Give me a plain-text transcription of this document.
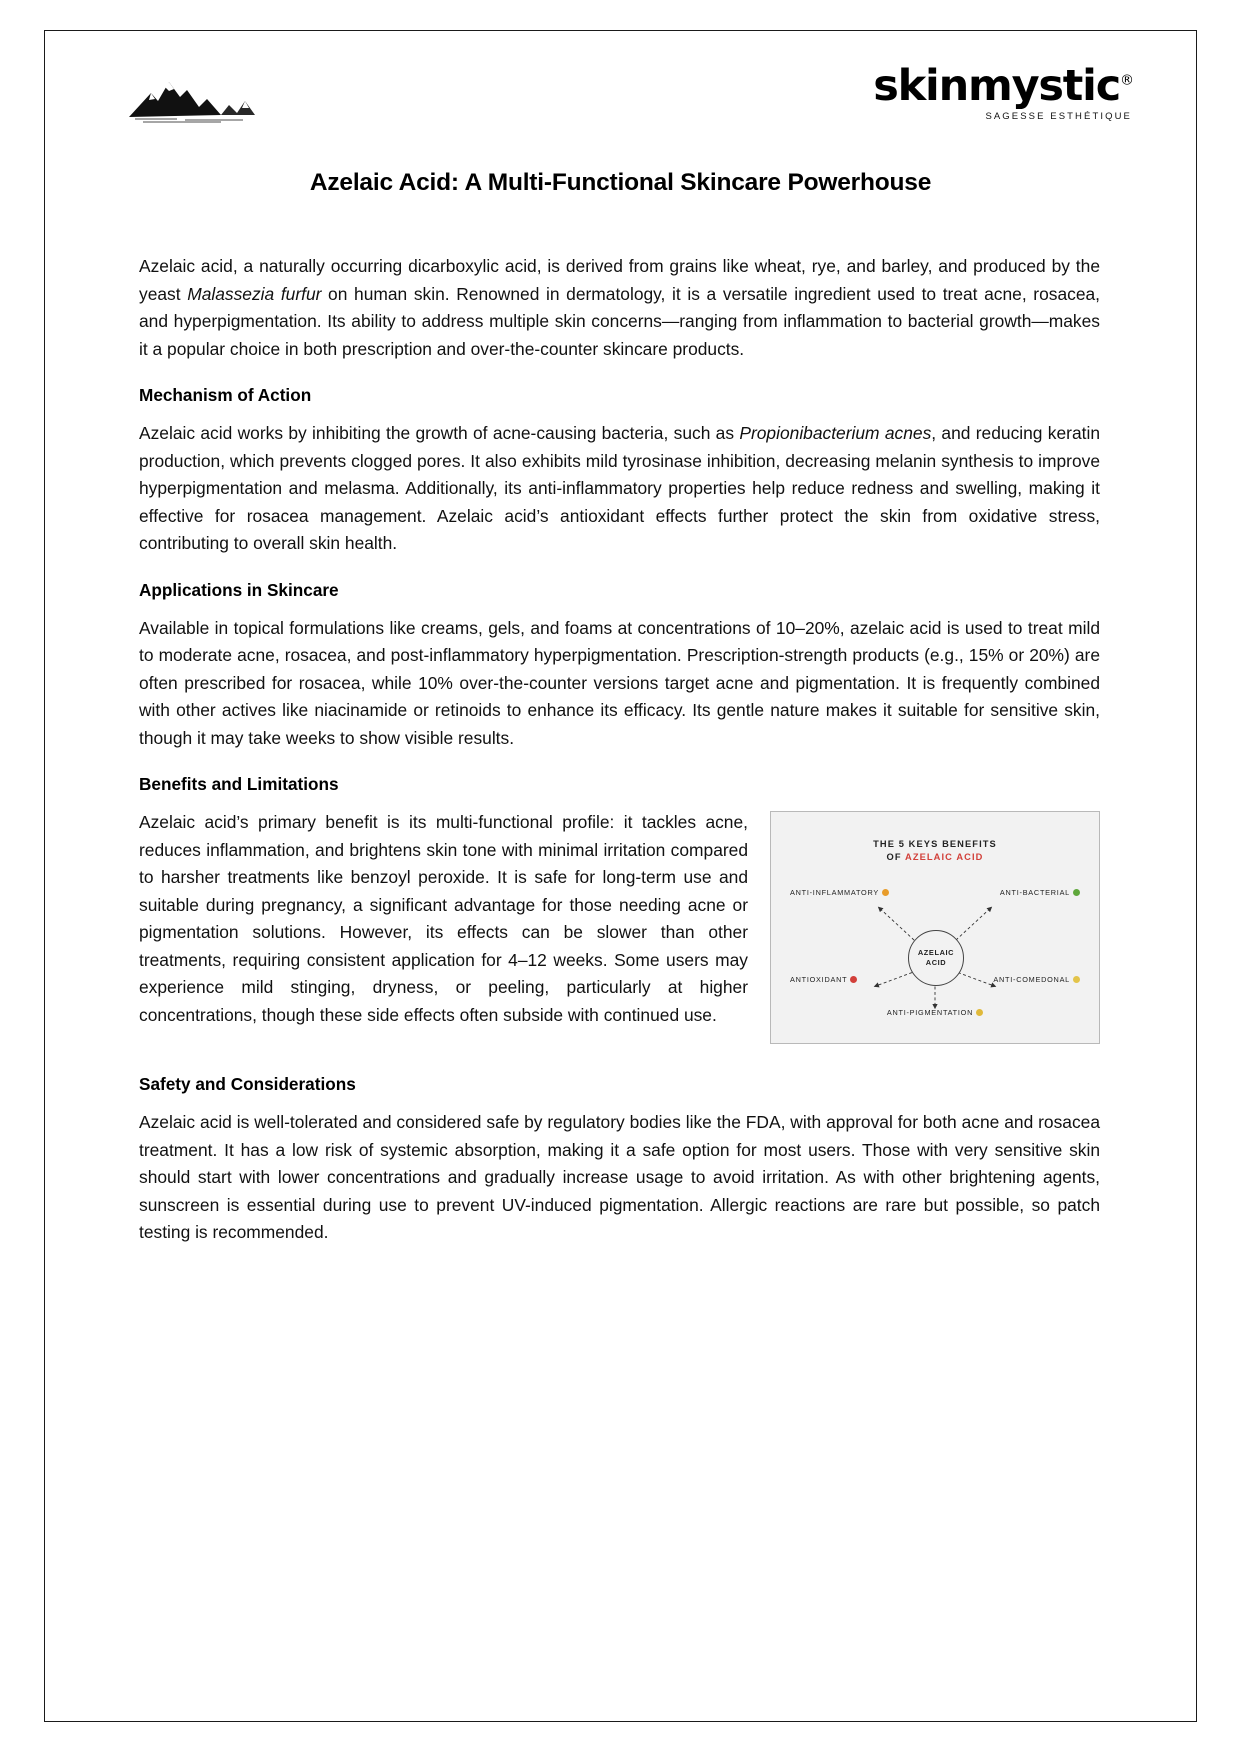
skinmystic®
SAGESSE ESTHÉTIQUE
Azelaic Acid: A Multi-Functional Skincare Powerhouse

Azelaic acid, a naturally occurring dicarboxylic acid, is derived from grains like wheat, rye, and barley, and produced by the yeast Malassezia furfur on human skin. Renowned in dermatology, it is a versatile ingredient used to treat acne, rosacea, and hyperpigmentation. Its ability to address multiple skin concerns—ranging from inflammation to bacterial growth—makes it a popular choice in both prescription and over-the-counter skincare products.

Mechanism of Action

Azelaic acid works by inhibiting the growth of acne-causing bacteria, such as Propionibacterium acnes, and reducing keratin production, which prevents clogged pores. It also exhibits mild tyrosinase inhibition, decreasing melanin synthesis to improve hyperpigmentation and melasma. Additionally, its anti-inflammatory properties help reduce redness and swelling, making it effective for rosacea management. Azelaic acid’s antioxidant effects further protect the skin from oxidative stress, contributing to overall skin health.

Applications in Skincare

Available in topical formulations like creams, gels, and foams at concentrations of 10–20%, azelaic acid is used to treat mild to moderate acne, rosacea, and post-inflammatory hyperpigmentation. Prescription-strength products (e.g., 15% or 20%) are often prescribed for rosacea, while 10% over-the-counter versions target acne and pigmentation. It is frequently combined with other actives like niacinamide or retinoids to enhance its efficacy. Its gentle nature makes it suitable for sensitive skin, though it may take weeks to show visible results.

Benefits and Limitations
THE 5 KEYS BENEFITS
OF AZELAIC ACID
AZELAIC
ACID
ANTI-INFLAMMATORY	ANTI-BACTERIAL
ANTIOXIDANT	ANTI-COMEDONAL
ANTI-PIGMENTATION

Azelaic acid’s primary benefit is its multi-functional profile: it tackles acne, reduces inflammation, and brightens skin tone with minimal irritation compared to harsher treatments like benzoyl peroxide. It is safe for long-term use and suitable during pregnancy, a significant advantage for those needing acne or pigmentation solutions. However, its effects can be slower than other treatments, requiring consistent application for 4–12 weeks. Some users may experience mild stinging, dryness, or peeling, particularly at higher concentrations, though these side effects often subside with continued use.

Safety and Considerations

Azelaic acid is well-tolerated and considered safe by regulatory bodies like the FDA, with approval for both acne and rosacea treatment. It has a low risk of systemic absorption, making it a safe option for most users. Those with very sensitive skin should start with lower concentrations and gradually increase usage to avoid irritation. As with other brightening agents, sunscreen is essential during use to prevent UV-induced pigmentation. Allergic reactions are rare but possible, so patch testing is recommended.
